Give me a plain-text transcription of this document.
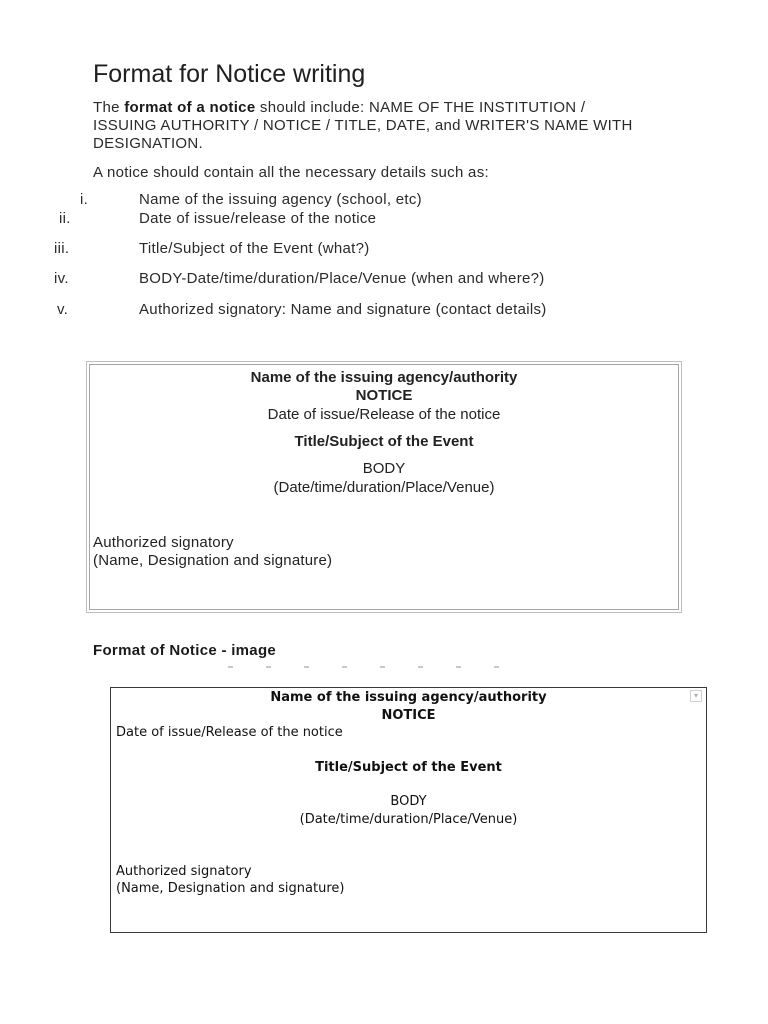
Format for Notice writing
The format of a notice should include: NAME OF THE INSTITUTION / ISSUING AUTHORITY / NOTICE / TITLE, DATE, and WRITER'S NAME WITH DESIGNATION.
A notice should contain all the necessary details such as:
i.	Name of the issuing agency (school, etc)
ii.	Date of issue/release of the notice
iii.	Title/Subject of the Event (what?)
iv.	BODY-Date/time/duration/Place/Venue (when and where?)
v.	Authorized signatory: Name and signature (contact details)
Name of the issuing agency/authority
NOTICE
Date of issue/Release of the notice
Title/Subject of the Event
BODY
(Date/time/duration/Place/Venue)
Authorized signatory
(Name, Designation and signature)
Format of Notice - image
▾
Name of the issuing agency/authority
NOTICE
Date of issue/Release of the notice
Title/Subject of the Event
BODY
(Date/time/duration/Place/Venue)
Authorized signatory
(Name, Designation and signature)
